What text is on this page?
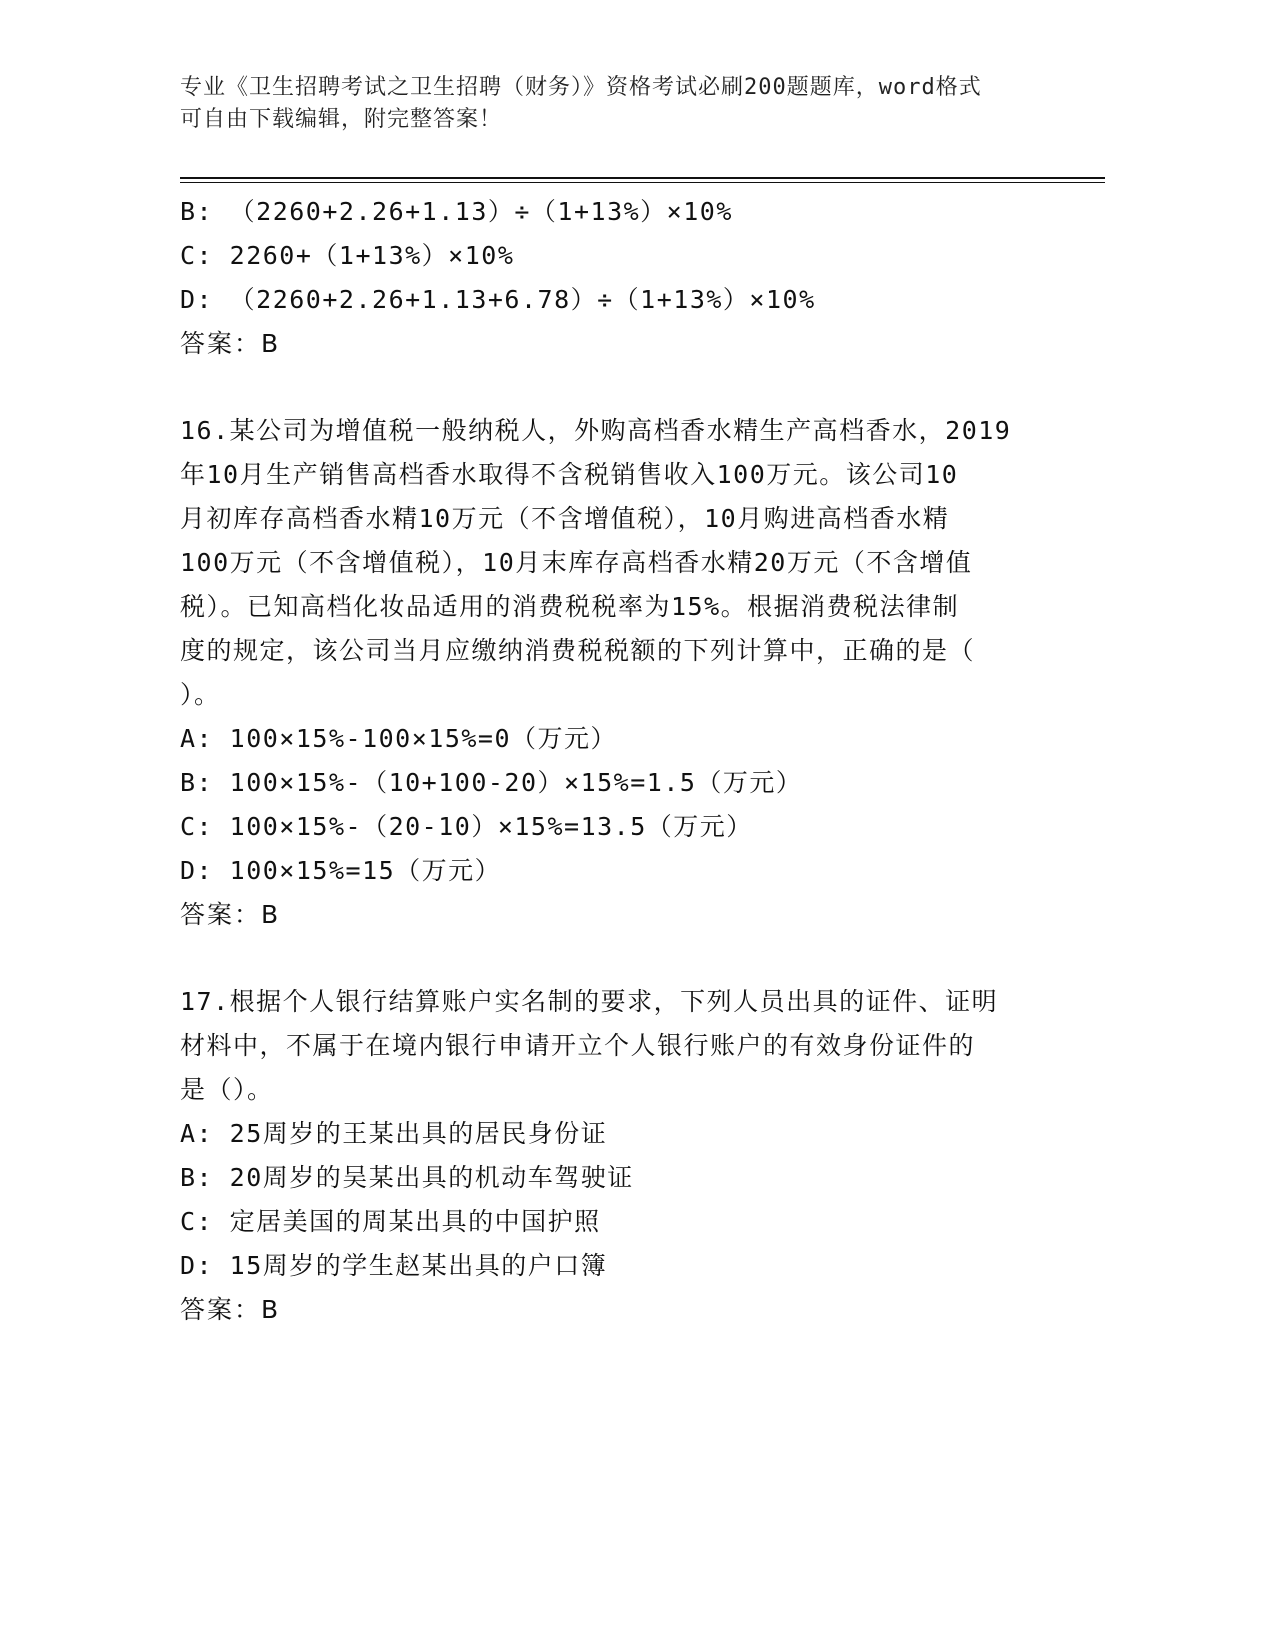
专业《卫生招聘考试之卫生招聘（财务）》资格考试必刷200题题库，word格式
可自由下载编辑，附完整答案！
B: （2260+2.26+1.13）÷（1+13%）×10%
C: 2260+（1+13%）×10%
D: （2260+2.26+1.13+6.78）÷（1+13%）×10%
答案：B
16.某公司为增值税一般纳税人，外购高档香水精生产高档香水，2019
年10月生产销售高档香水取得不含税销售收入100万元。该公司10
月初库存高档香水精10万元（不含增值税），10月购进高档香水精
100万元（不含增值税），10月末库存高档香水精20万元（不含增值
税）。已知高档化妆品适用的消费税税率为15%。根据消费税法律制
度的规定，该公司当月应缴纳消费税税额的下列计算中，正确的是（
）。
A: 100×15%-100×15%=0（万元）
B: 100×15%-（10+100-20）×15%=1.5（万元）
C: 100×15%-（20-10）×15%=13.5（万元）
D: 100×15%=15（万元）
答案：B
17.根据个人银行结算账户实名制的要求，下列人员出具的证件、证明
材料中，不属于在境内银行申请开立个人银行账户的有效身份证件的
是（）。
A: 25周岁的王某出具的居民身份证
B: 20周岁的吴某出具的机动车驾驶证
C: 定居美国的周某出具的中国护照
D: 15周岁的学生赵某出具的户口簿
答案：B
